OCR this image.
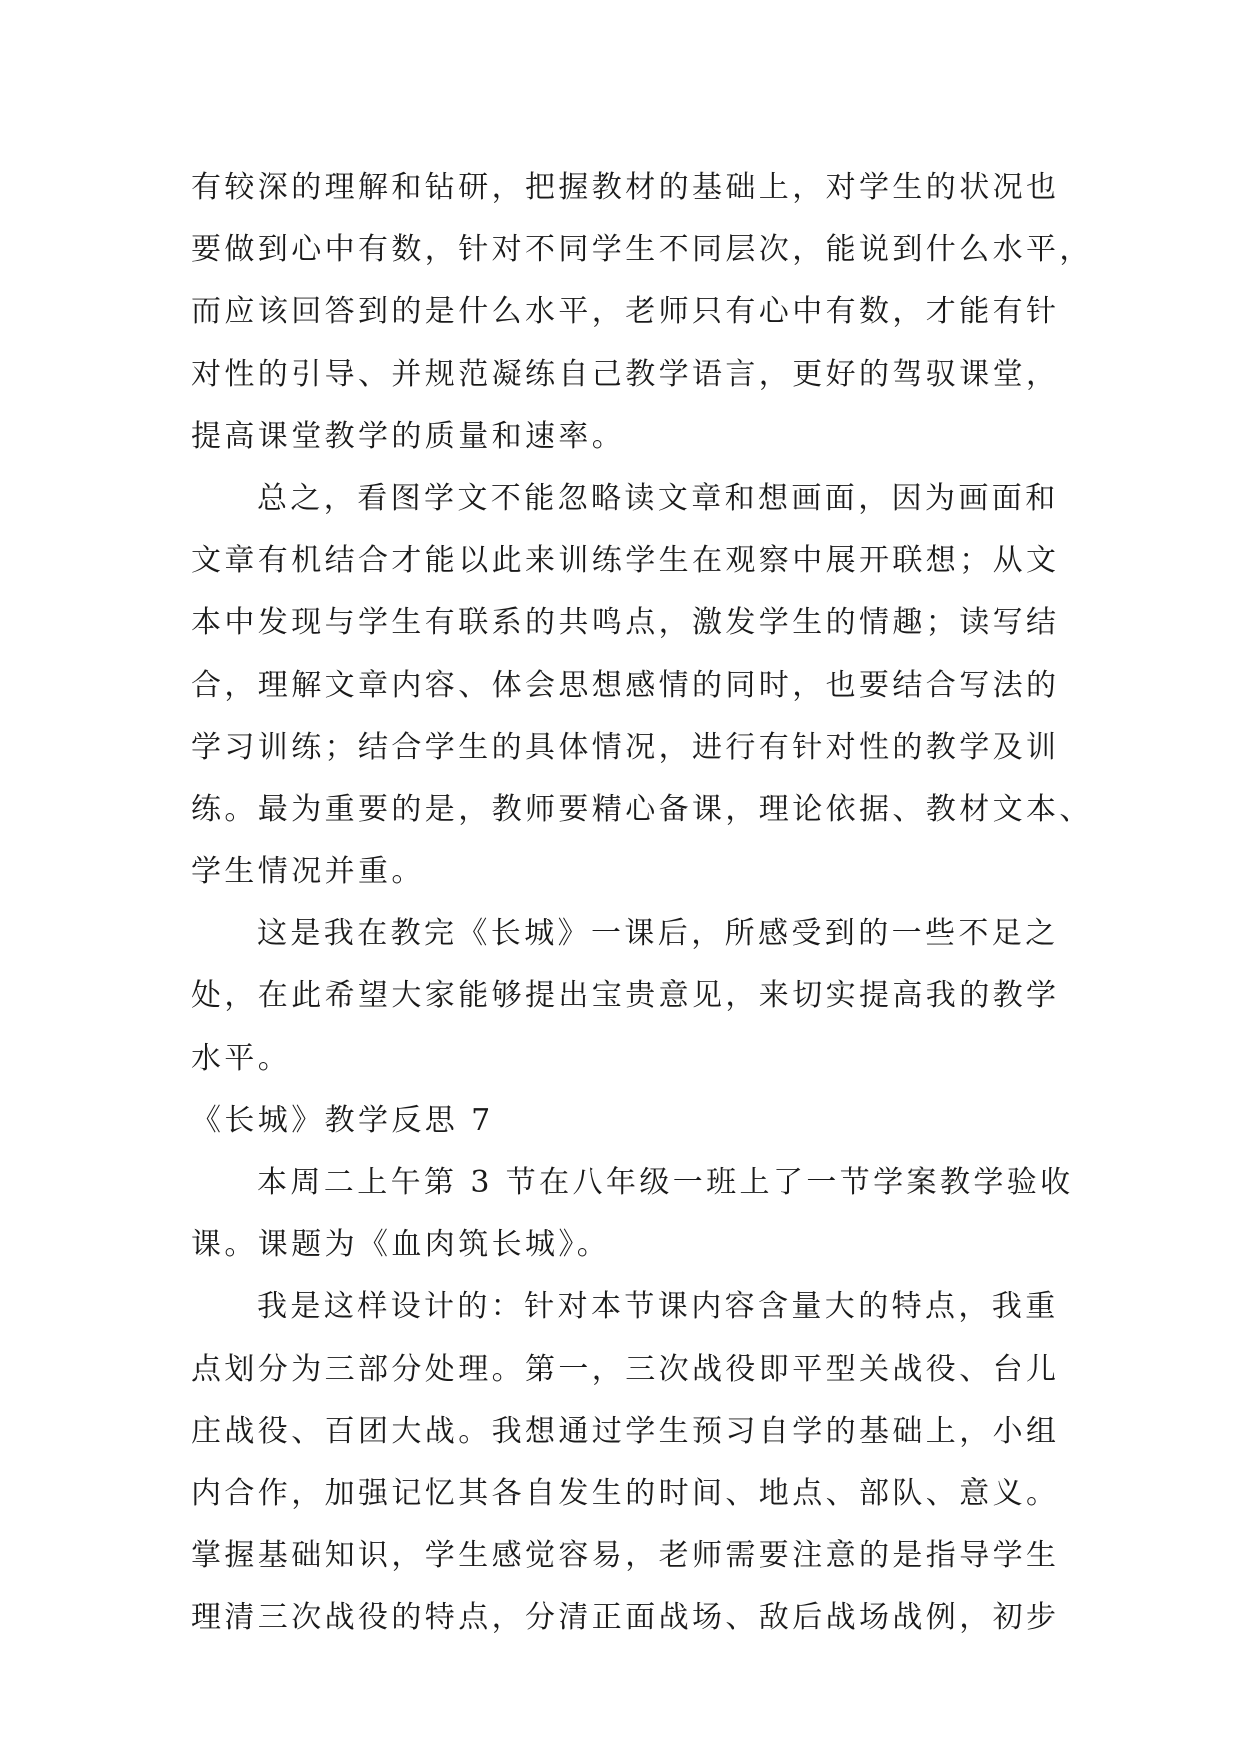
有较深的理解和钻研，把握教材的基础上，对学生的状况也
要做到心中有数，针对不同学生不同层次，能说到什么水平，
而应该回答到的是什么水平，老师只有心中有数，才能有针
对性的引导、并规范凝练自己教学语言，更好的驾驭课堂，
提高课堂教学的质量和速率。
总之，看图学文不能忽略读文章和想画面，因为画面和
文章有机结合才能以此来训练学生在观察中展开联想；从文
本中发现与学生有联系的共鸣点，激发学生的情趣；读写结
合，理解文章内容、体会思想感情的同时，也要结合写法的
学习训练；结合学生的具体情况，进行有针对性的教学及训
练。最为重要的是，教师要精心备课，理论依据、教材文本、
学生情况并重。
这是我在教完《长城》一课后，所感受到的一些不足之
处，在此希望大家能够提出宝贵意见，来切实提高我的教学
水平。
《长城》教学反思 7
本周二上午第 3 节在八年级一班上了一节学案教学验收
课。课题为《血肉筑长城》。
我是这样设计的：针对本节课内容含量大的特点，我重
点划分为三部分处理。第一，三次战役即平型关战役、台儿
庄战役、百团大战。我想通过学生预习自学的基础上，小组
内合作，加强记忆其各自发生的时间、地点、部队、意义。
掌握基础知识，学生感觉容易，老师需要注意的是指导学生
理清三次战役的特点，分清正面战场、敌后战场战例，初步
